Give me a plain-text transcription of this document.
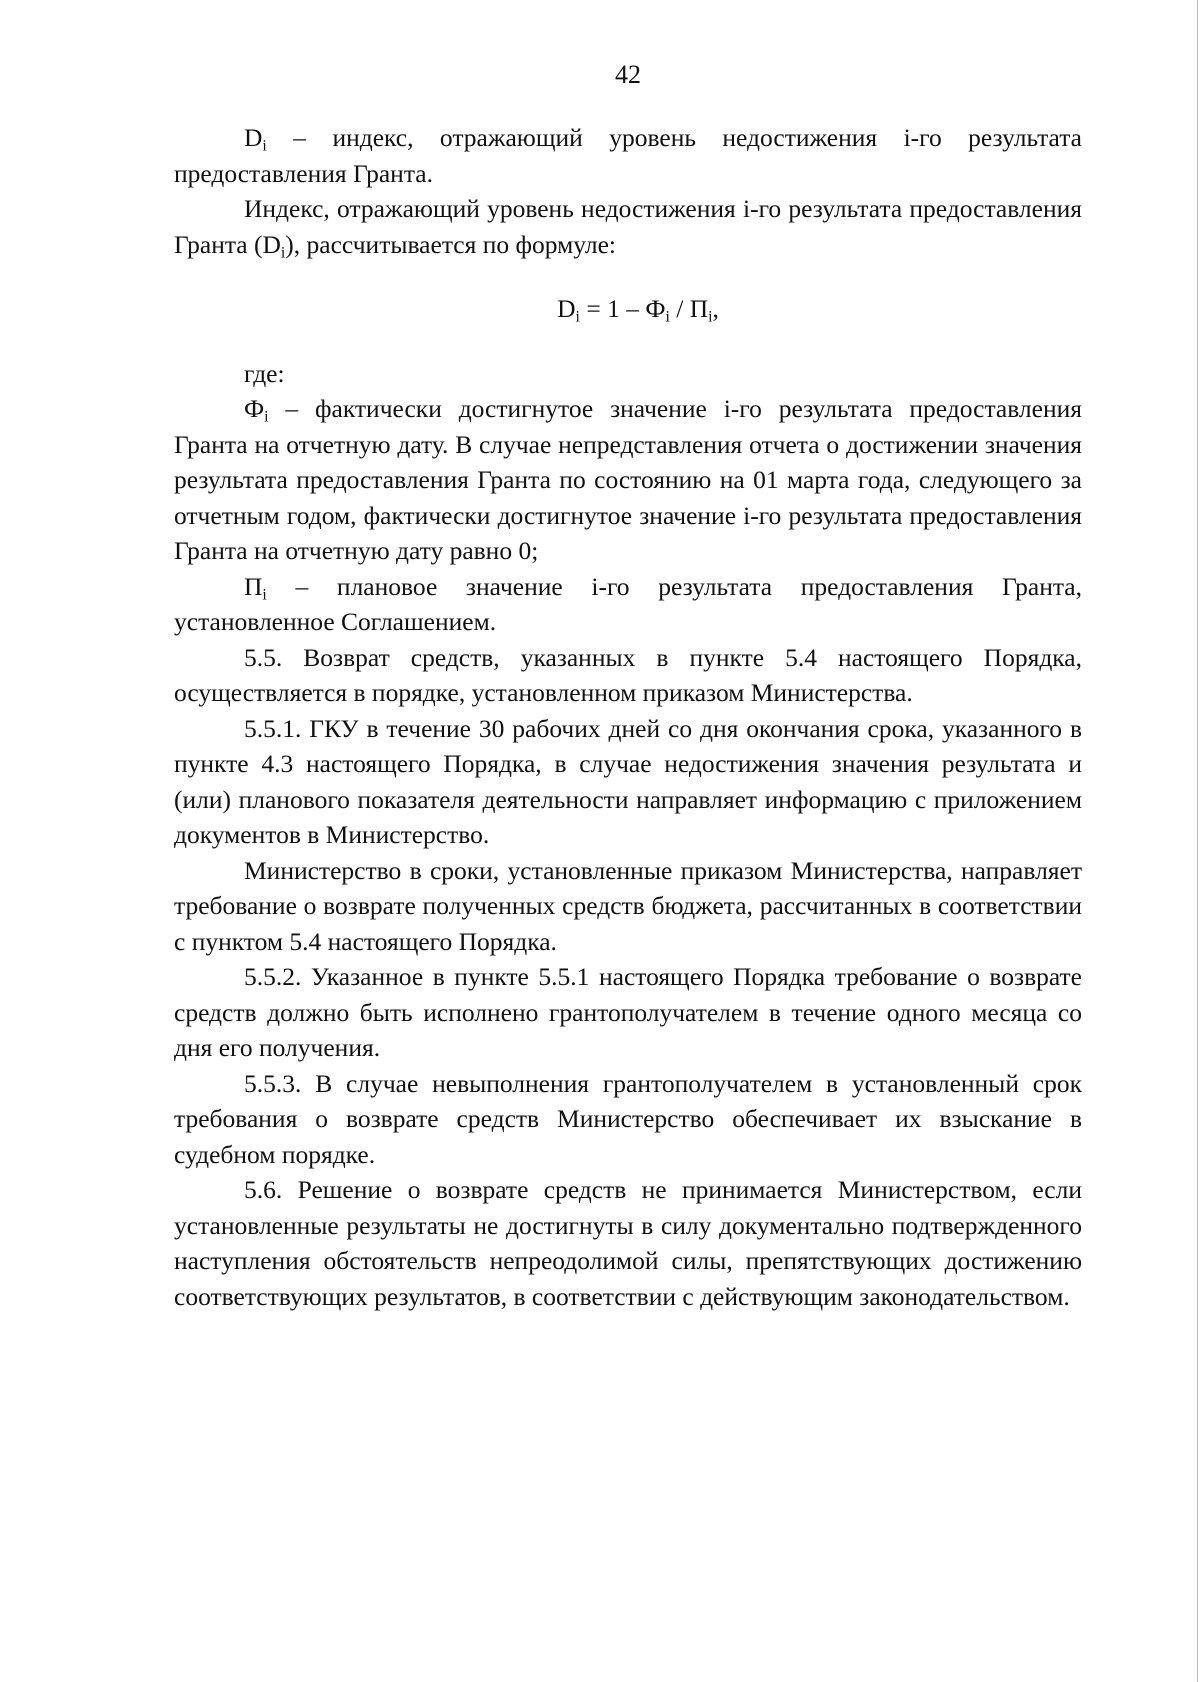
42

$D_i$ – индекс, отражающий уровень недостижения i-го результата предоставления Гранта.

Индекс, отражающий уровень недостижения i-го результата предоставления Гранта $(D_i)$, рассчитывается по формуле:

$D_i = 1 - Ф_i / П_i$,

где:

$Ф_i$ – фактически достигнутое значение i-го результата предоставления Гранта на отчетную дату. В случае непредставления отчета о достижении значения результата предоставления Гранта по состоянию на 01 марта года, следующего за отчетным годом, фактически достигнутое значение i-го результата предоставления Гранта на отчетную дату равно 0;

$П_i$ – плановое значение i-го результата предоставления Гранта, установленное Соглашением.

5.5. Возврат средств, указанных в пункте 5.4 настоящего Порядка, осуществляется в порядке, установленном приказом Министерства.

5.5.1. ГКУ в течение 30 рабочих дней со дня окончания срока, указанного в пункте 4.3 настоящего Порядка, в случае недостижения значения результата и (или) планового показателя деятельности направляет информацию с приложением документов в Министерство.

Министерство в сроки, установленные приказом Министерства, направляет требование о возврате полученных средств бюджета, рассчитанных в соответствии с пунктом 5.4 настоящего Порядка.

5.5.2. Указанное в пункте 5.5.1 настоящего Порядка требование о возврате средств должно быть исполнено грантополучателем в течение одного месяца со дня его получения.

5.5.3. В случае невыполнения грантополучателем в установленный срок требования о возврате средств Министерство обеспечивает их взыскание в судебном порядке.

5.6. Решение о возврате средств не принимается Министерством, если установленные результаты не достигнуты в силу документально подтвержденного наступления обстоятельств непреодолимой силы, препятствующих достижению соответствующих результатов, в соответствии с действующим законодательством.
